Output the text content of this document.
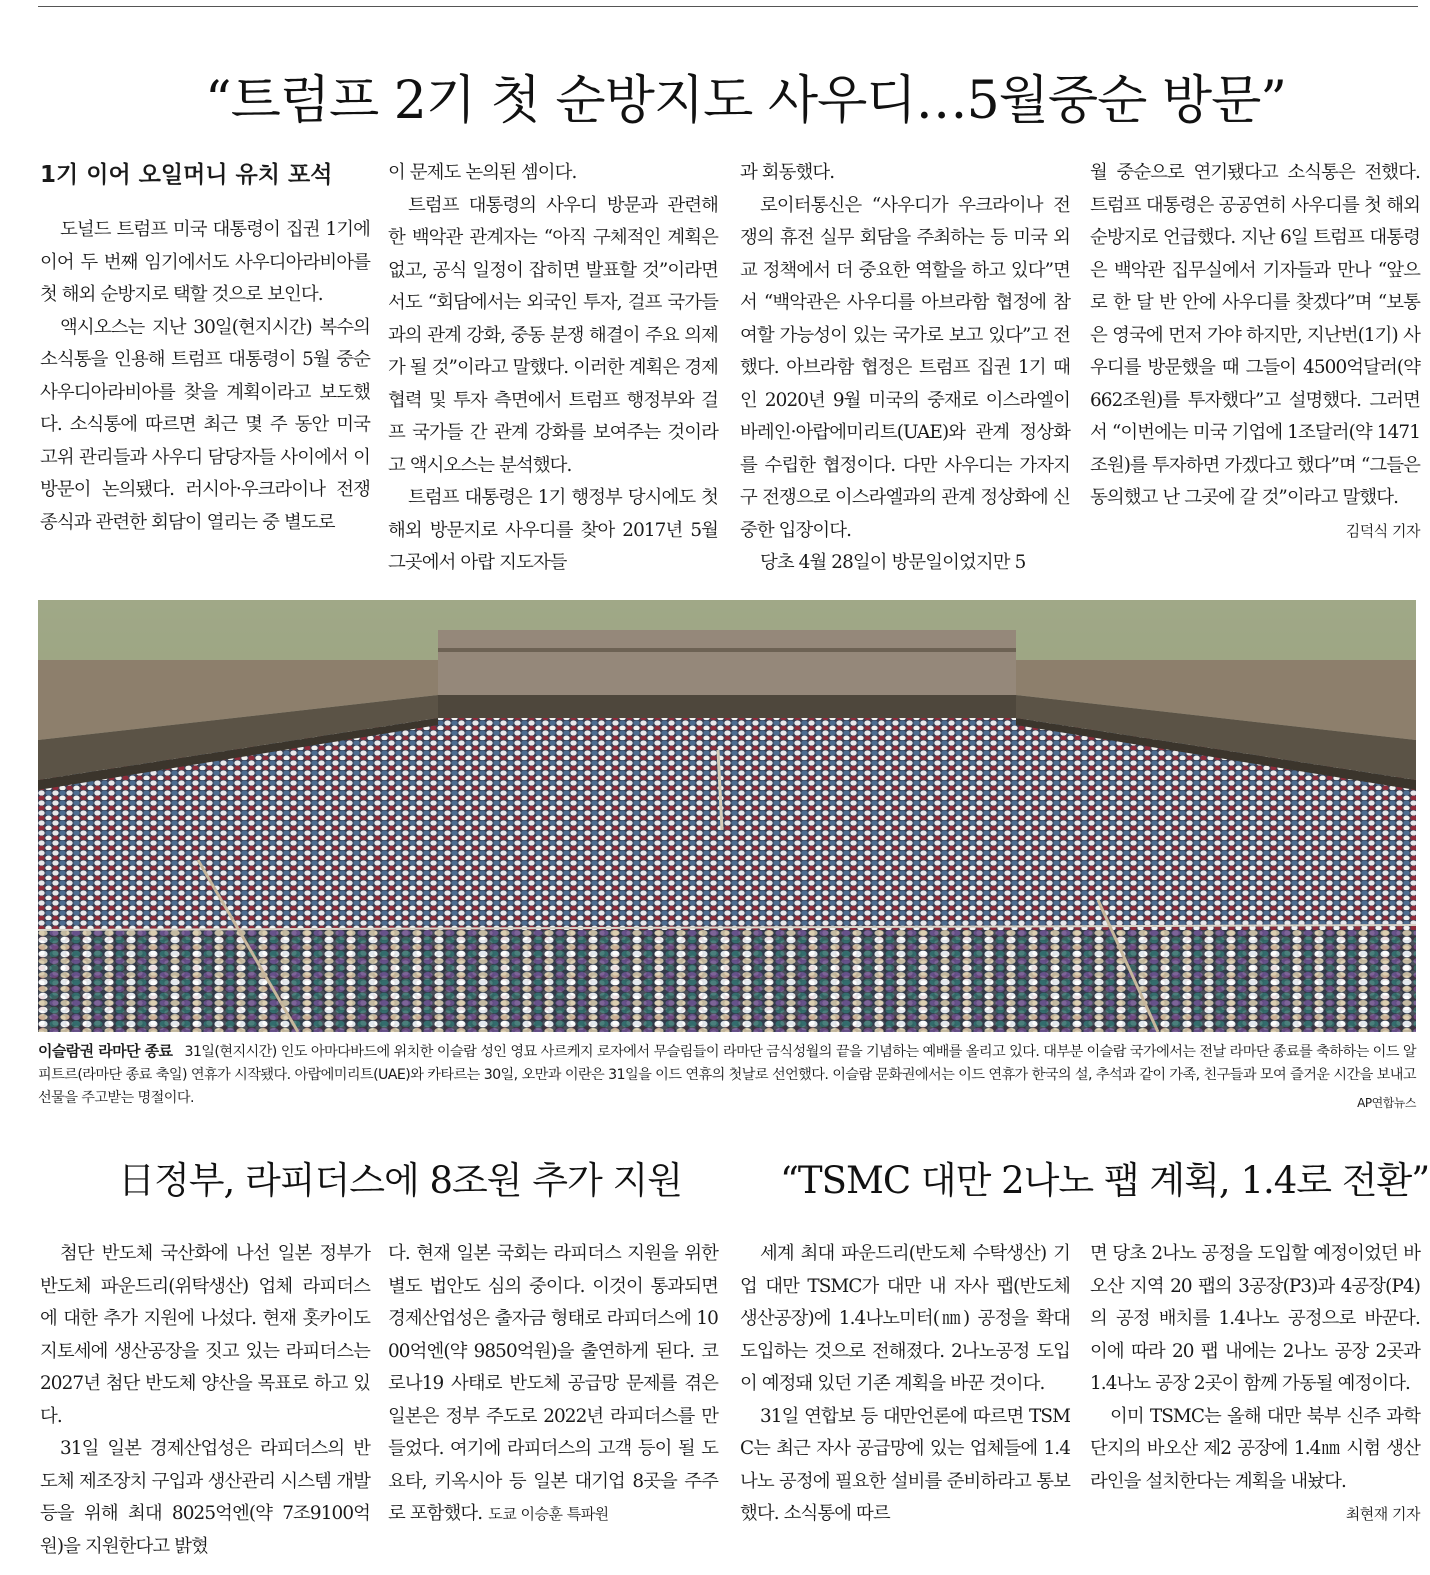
“트럼프 2기 첫 순방지도 사우디…5월중순 방문”
1기 이어 오일머니 유치 포석

도널드 트럼프 미국 대통령이 집권 1기에 이어 두 번째 임기에서도 사우디아라비아를 첫 해외 순방지로 택할 것으로 보인다.

액시오스는 지난 30일(현지시간) 복수의 소식통을 인용해 트럼프 대통령이 5월 중순 사우디아라비아를 찾을 계획이라고 보도했다. 소식통에 따르면 최근 몇 주 동안 미국 고위 관리들과 사우디 담당자들 사이에서 이 방문이 논의됐다. 러시아·우크라이나 전쟁 종식과 관련한 회담이 열리는 중 별도로

이 문제도 논의된 셈이다.

트럼프 대통령의 사우디 방문과 관련해 한 백악관 관계자는 “아직 구체적인 계획은 없고, 공식 일정이 잡히면 발표할 것”이라면서도 “회담에서는 외국인 투자, 걸프 국가들과의 관계 강화, 중동 분쟁 해결이 주요 의제가 될 것”이라고 말했다. 이러한 계획은 경제 협력 및 투자 측면에서 트럼프 행정부와 걸프 국가들 간 관계 강화를 보여주는 것이라고 액시오스는 분석했다.

트럼프 대통령은 1기 행정부 당시에도 첫 해외 방문지로 사우디를 찾아 2017년 5월 그곳에서 아랍 지도자들

과 회동했다.

로이터통신은 “사우디가 우크라이나 전쟁의 휴전 실무 회담을 주최하는 등 미국 외교 정책에서 더 중요한 역할을 하고 있다”면서 “백악관은 사우디를 아브라함 협정에 참여할 가능성이 있는 국가로 보고 있다”고 전했다. 아브라함 협정은 트럼프 집권 1기 때인 2020년 9월 미국의 중재로 이스라엘이 바레인·아랍에미리트(UAE)와 관계 정상화를 수립한 협정이다. 다만 사우디는 가자지구 전쟁으로 이스라엘과의 관계 정상화에 신중한 입장이다.

당초 4월 28일이 방문일이었지만 5

월 중순으로 연기됐다고 소식통은 전했다. 트럼프 대통령은 공공연히 사우디를 첫 해외 순방지로 언급했다. 지난 6일 트럼프 대통령은 백악관 집무실에서 기자들과 만나 “앞으로 한 달 반 안에 사우디를 찾겠다”며 “보통은 영국에 먼저 가야 하지만, 지난번(1기) 사우디를 방문했을 때 그들이 4500억달러(약 662조원)를 투자했다”고 설명했다. 그러면서 “이번에는 미국 기업에 1조달러(약 1471조원)를 투자하면 가겠다고 했다”며 “그들은 동의했고 난 그곳에 갈 것”이라고 말했다.

김덕식 기자
이슬람권 라마단 종료 31일(현지시간) 인도 아마다바드에 위치한 이슬람 성인 영묘 사르케지 로자에서 무슬림들이 라마단 금식성월의 끝을 기념하는 예배를 올리고 있다. 대부분 이슬람 국가에서는 전날 라마단 종료를 축하하는 이드 알피트르(라마단 종료 축일) 연휴가 시작됐다. 아랍에미리트(UAE)와 카타르는 30일, 오만과 이란은 31일을 이드 연휴의 첫날로 선언했다. 이슬람 문화권에서는 이드 연휴가 한국의 설, 추석과 같이 가족, 친구들과 모여 즐거운 시간을 보내고 선물을 주고받는 명절이다.	AP연합뉴스
日정부, 라피더스에 8조원 추가 지원	“TSMC 대만 2나노 팹 계획, 1.4로 전환”

첨단 반도체 국산화에 나선 일본 정부가 반도체 파운드리(위탁생산) 업체 라피더스에 대한 추가 지원에 나섰다. 현재 홋카이도 지토세에 생산공장을 짓고 있는 라피더스는 2027년 첨단 반도체 양산을 목표로 하고 있다.

31일 일본 경제산업성은 라피더스의 반도체 제조장치 구입과 생산관리 시스템 개발 등을 위해 최대 8025억엔(약 7조9100억원)을 지원한다고 밝혔

다. 현재 일본 국회는 라피더스 지원을 위한 별도 법안도 심의 중이다. 이것이 통과되면 경제산업성은 출자금 형태로 라피더스에 1000억엔(약 9850억원)을 출연하게 된다. 코로나19 사태로 반도체 공급망 문제를 겪은 일본은 정부 주도로 2022년 라피더스를 만들었다. 여기에 라피더스의 고객 등이 될 도요타, 키옥시아 등 일본 대기업 8곳을 주주로 포함했다. 도쿄 이승훈 특파원

세계 최대 파운드리(반도체 수탁생산) 기업 대만 TSMC가 대만 내 자사 팹(반도체 생산공장)에 1.4나노미터(㎚) 공정을 확대 도입하는 것으로 전해졌다. 2나노공정 도입이 예정돼 있던 기존 계획을 바꾼 것이다.

31일 연합보 등 대만언론에 따르면 TSMC는 최근 자사 공급망에 있는 업체들에 1.4나노 공정에 필요한 설비를 준비하라고 통보했다. 소식통에 따르

면 당초 2나노 공정을 도입할 예정이었던 바오산 지역 20 팹의 3공장(P3)과 4공장(P4)의 공정 배치를 1.4나노 공정으로 바꾼다. 이에 따라 20 팹 내에는 2나노 공장 2곳과 1.4나노 공장 2곳이 함께 가동될 예정이다.

이미 TSMC는 올해 대만 북부 신주 과학단지의 바오산 제2 공장에 1.4㎚ 시험 생산라인을 설치한다는 계획을 내놨다.

최현재 기자
